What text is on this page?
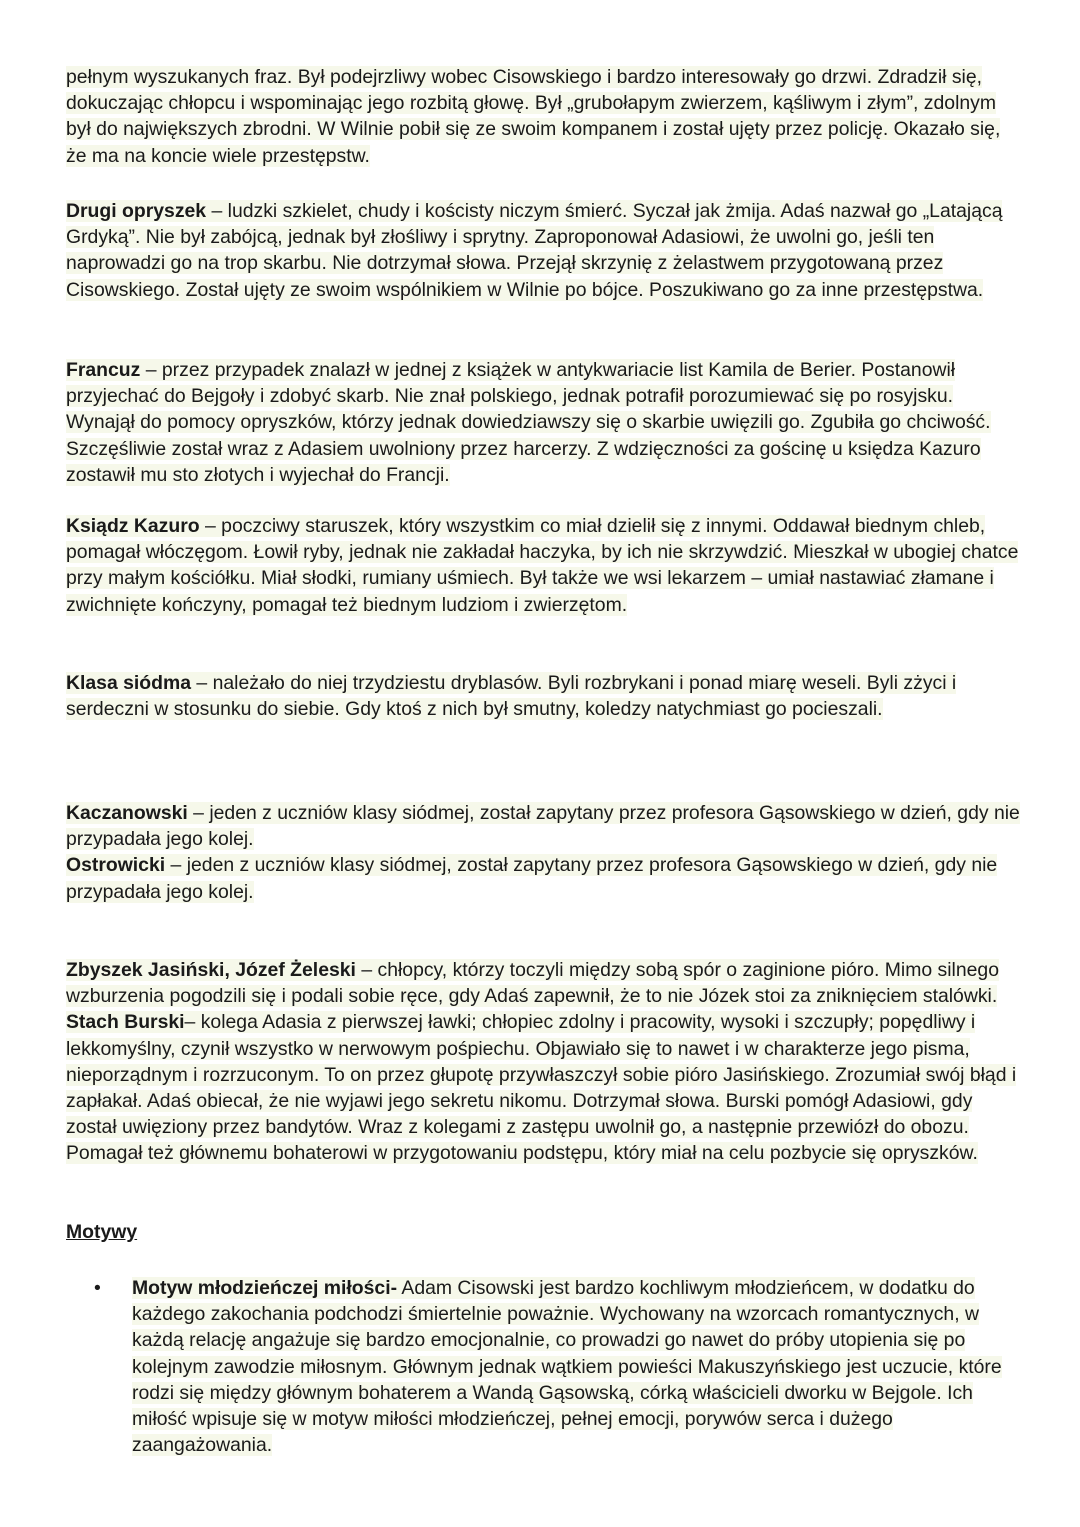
pełnym wyszukanych fraz. Był podejrzliwy wobec Cisowskiego i bardzo interesowały go drzwi. Zdradził się, dokuczając chłopcu i wspominając jego rozbitą głowę. Był „grubołapym zwierzem, kąśliwym i złym”, zdolnym był do największych zbrodni. W Wilnie pobił się ze swoim kompanem i został ujęty przez policję. Okazało się, że ma na koncie wiele przestępstw.

Drugi opryszek – ludzki szkielet, chudy i kościsty niczym śmierć. Syczał jak żmija. Adaś nazwał go „Latającą Grdyką”. Nie był zabójcą, jednak był złośliwy i sprytny. Zaproponował Adasiowi, że uwolni go, jeśli ten naprowadzi go na trop skarbu. Nie dotrzymał słowa. Przejął skrzynię z żelastwem przygotowaną przez Cisowskiego. Został ujęty ze swoim wspólnikiem w Wilnie po bójce. Poszukiwano go za inne przestępstwa.

Francuz – przez przypadek znalazł w jednej z książek w antykwariacie list Kamila de Berier. Postanowił przyjechać do Bejgoły i zdobyć skarb. Nie znał polskiego, jednak potrafił porozumiewać się po rosyjsku. Wynajął do pomocy opryszków, którzy jednak dowiedziawszy się o skarbie uwięzili go. Zgubiła go chciwość. Szczęśliwie został wraz z Adasiem uwolniony przez harcerzy. Z wdzięczności za gościnę u księdza Kazuro zostawił mu sto złotych i wyjechał do Francji.

Ksiądz Kazuro – poczciwy staruszek, który wszystkim co miał dzielił się z innymi. Oddawał biednym chleb, pomagał włóczęgom. Łowił ryby, jednak nie zakładał haczyka, by ich nie skrzywdzić. Mieszkał w ubogiej chatce przy małym kościółku. Miał słodki, rumiany uśmiech. Był także we wsi lekarzem – umiał nastawiać złamane i zwichnięte kończyny, pomagał też biednym ludziom i zwierzętom.

Klasa siódma – należało do niej trzydziestu dryblasów. Byli rozbrykani i ponad miarę weseli. Byli zżyci i serdeczni w stosunku do siebie. Gdy ktoś z nich był smutny, koledzy natychmiast go pocieszali.

Kaczanowski – jeden z uczniów klasy siódmej, został zapytany przez profesora Gąsowskiego w dzień, gdy nie przypadała jego kolej.
Ostrowicki – jeden z uczniów klasy siódmej, został zapytany przez profesora Gąsowskiego w dzień, gdy nie przypadała jego kolej.

Zbyszek Jasiński, Józef Żeleski – chłopcy, którzy toczyli między sobą spór o zaginione pióro. Mimo silnego wzburzenia pogodzili się i podali sobie ręce, gdy Adaś zapewnił, że to nie Józek stoi za zniknięciem stalówki. Stach Burski– kolega Adasia z pierwszej ławki; chłopiec zdolny i pracowity, wysoki i szczupły; popędliwy i lekkomyślny, czynił wszystko w nerwowym pośpiechu. Objawiało się to nawet i w charakterze jego pisma, nieporządnym i rozrzuconym. To on przez głupotę przywłaszczył sobie pióro Jasińskiego. Zrozumiał swój błąd i zapłakał. Adaś obiecał, że nie wyjawi jego sekretu nikomu. Dotrzymał słowa. Burski pomógł Adasiowi, gdy został uwięziony przez bandytów. Wraz z kolegami z zastępu uwolnił go, a następnie przewiózł do obozu. Pomagał też głównemu bohaterowi w przygotowaniu podstępu, który miał na celu pozbycie się opryszków.

Motywy

•	Motyw młodzieńczej miłości- Adam Cisowski jest bardzo kochliwym młodzieńcem, w dodatku do każdego zakochania podchodzi śmiertelnie poważnie. Wychowany na wzorcach romantycznych, w każdą relację angażuje się bardzo emocjonalnie, co prowadzi go nawet do próby utopienia się po kolejnym zawodzie miłosnym. Głównym jednak wątkiem powieści Makuszyńskiego jest uczucie, które rodzi się między głównym bohaterem a Wandą Gąsowską, córką właścicieli dworku w Bejgole. Ich miłość wpisuje się w motyw miłości młodzieńczej, pełnej emocji, porywów serca i dużego zaangażowania.
